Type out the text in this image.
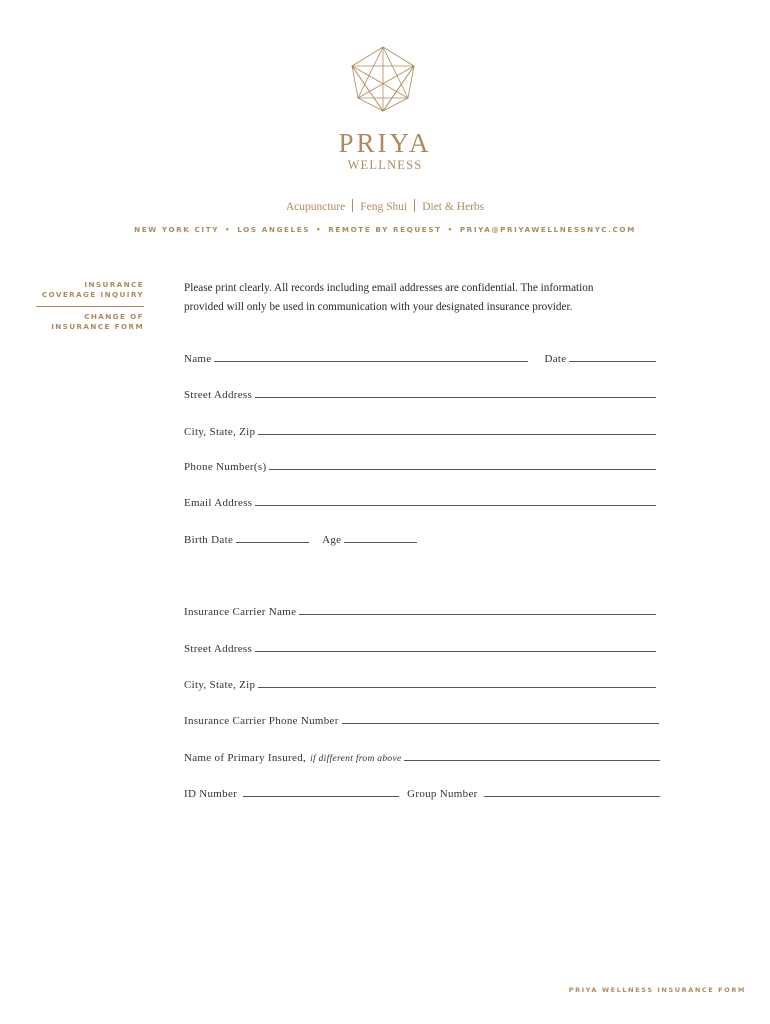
PRIYA
WELLNESS
Acupuncture Feng Shui Diet & Herbs
NEW YORK CITY • LOS ANGELES • REMOTE BY REQUEST • PRIYA@PRIYAWELLNESSNYC.COM
INSURANCE
COVERAGE INQUIRY
CHANGE OF
INSURANCE FORM
Please print clearly. All records including email addresses are confidential. The information
provided will only be used in communication with your designated insurance provider.
Name	Date
Street Address
City, State, Zip
Phone Number(s)
Email Address
Birth Date	Age
Insurance Carrier Name
Street Address
City, State, Zip
Insurance Carrier Phone Number
Name of Primary Insured, if different from above
ID Number	Group Number
PRIYA WELLNESS INSURANCE FORM
